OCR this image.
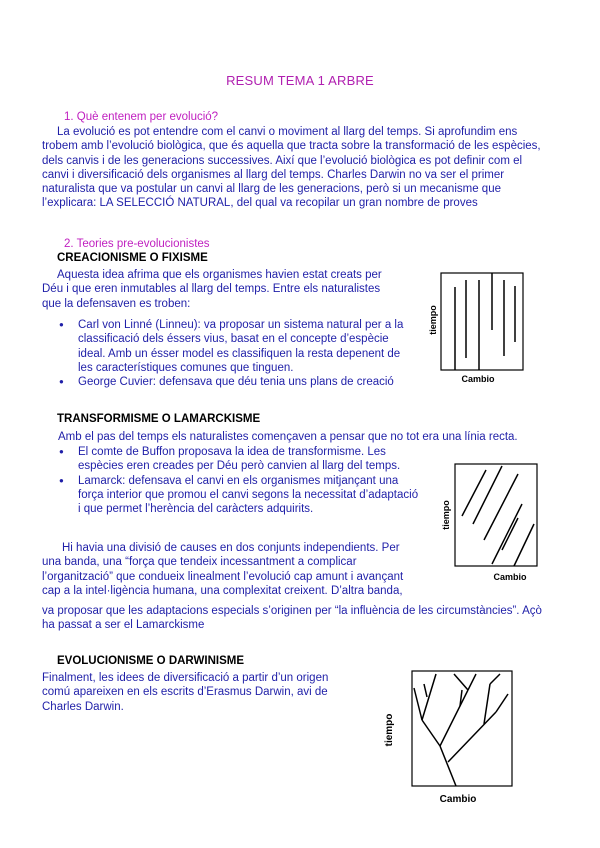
RESUM TEMA 1 ARBRE
1. Què entenem per evolució?
La evolució es pot entendre com el canvi o moviment al llarg del temps. Si aprofundim ens trobem amb l’evolució biològica, que és aquella que tracta sobre la transformació de les espècies, dels canvis i de les generacions successives. Així que l’evolució biològica es pot definir com el canvi i diversificació dels organismes al llarg del temps. Charles Darwin no va ser el primer naturalista que va postular un canvi al llarg de les generacions, però si un mecanisme que l’explicara: LA SELECCIÓ NATURAL, del qual va recopilar un gran nombre de proves
2. Teories pre-evolucionistes
CREACIONISME O FIXISME
Aquesta idea afrima que els organismes havien estat creats per Déu i que eren inmutables al llarg del temps. Entre els naturalistes que la defensaven es troben:
● Carl von Linné (Linneu): va proposar un sistema natural per a la classificació dels éssers vius, basat en el concepte d’espècie ideal. Amb un ésser model es classifiquen la resta depenent de les característiques comunes que tinguen.
● George Cuvier: defensava que déu tenia uns plans de creació
tiempo
Cambio
TRANSFORMISME O LAMARCKISME
Amb el pas del temps els naturalistes començaven a pensar que no tot era una línia recta.
● El comte de Buffon proposava la idea de transformisme. Les espècies eren creades per Déu però canvien al llarg del temps.
● Lamarck: defensava el canvi en els organismes mitjançant una força interior que promou el canvi segons la necessitat d’adaptació i que permet l’herència del caràcters adquirits.
Hi havia una divisió de causes en dos conjunts independients. Per una banda, una “força que tendeix incessantment a complicar l’organització” que condueix linealment l’evolució cap amunt i avançant cap a la intel·ligència humana, una complexitat creixent. D’altra banda,
va proposar que les adaptacions especials s’originen per “la influència de les circumstàncies”. Açò ha passat a ser el Lamarckisme
tiempo
Cambio
EVOLUCIONISME O DARWINISME
Finalment, les idees de diversificació a partir d’un origen comú apareixen en els escrits d’Erasmus Darwin, avi de Charles Darwin.
tiempo
Cambio
